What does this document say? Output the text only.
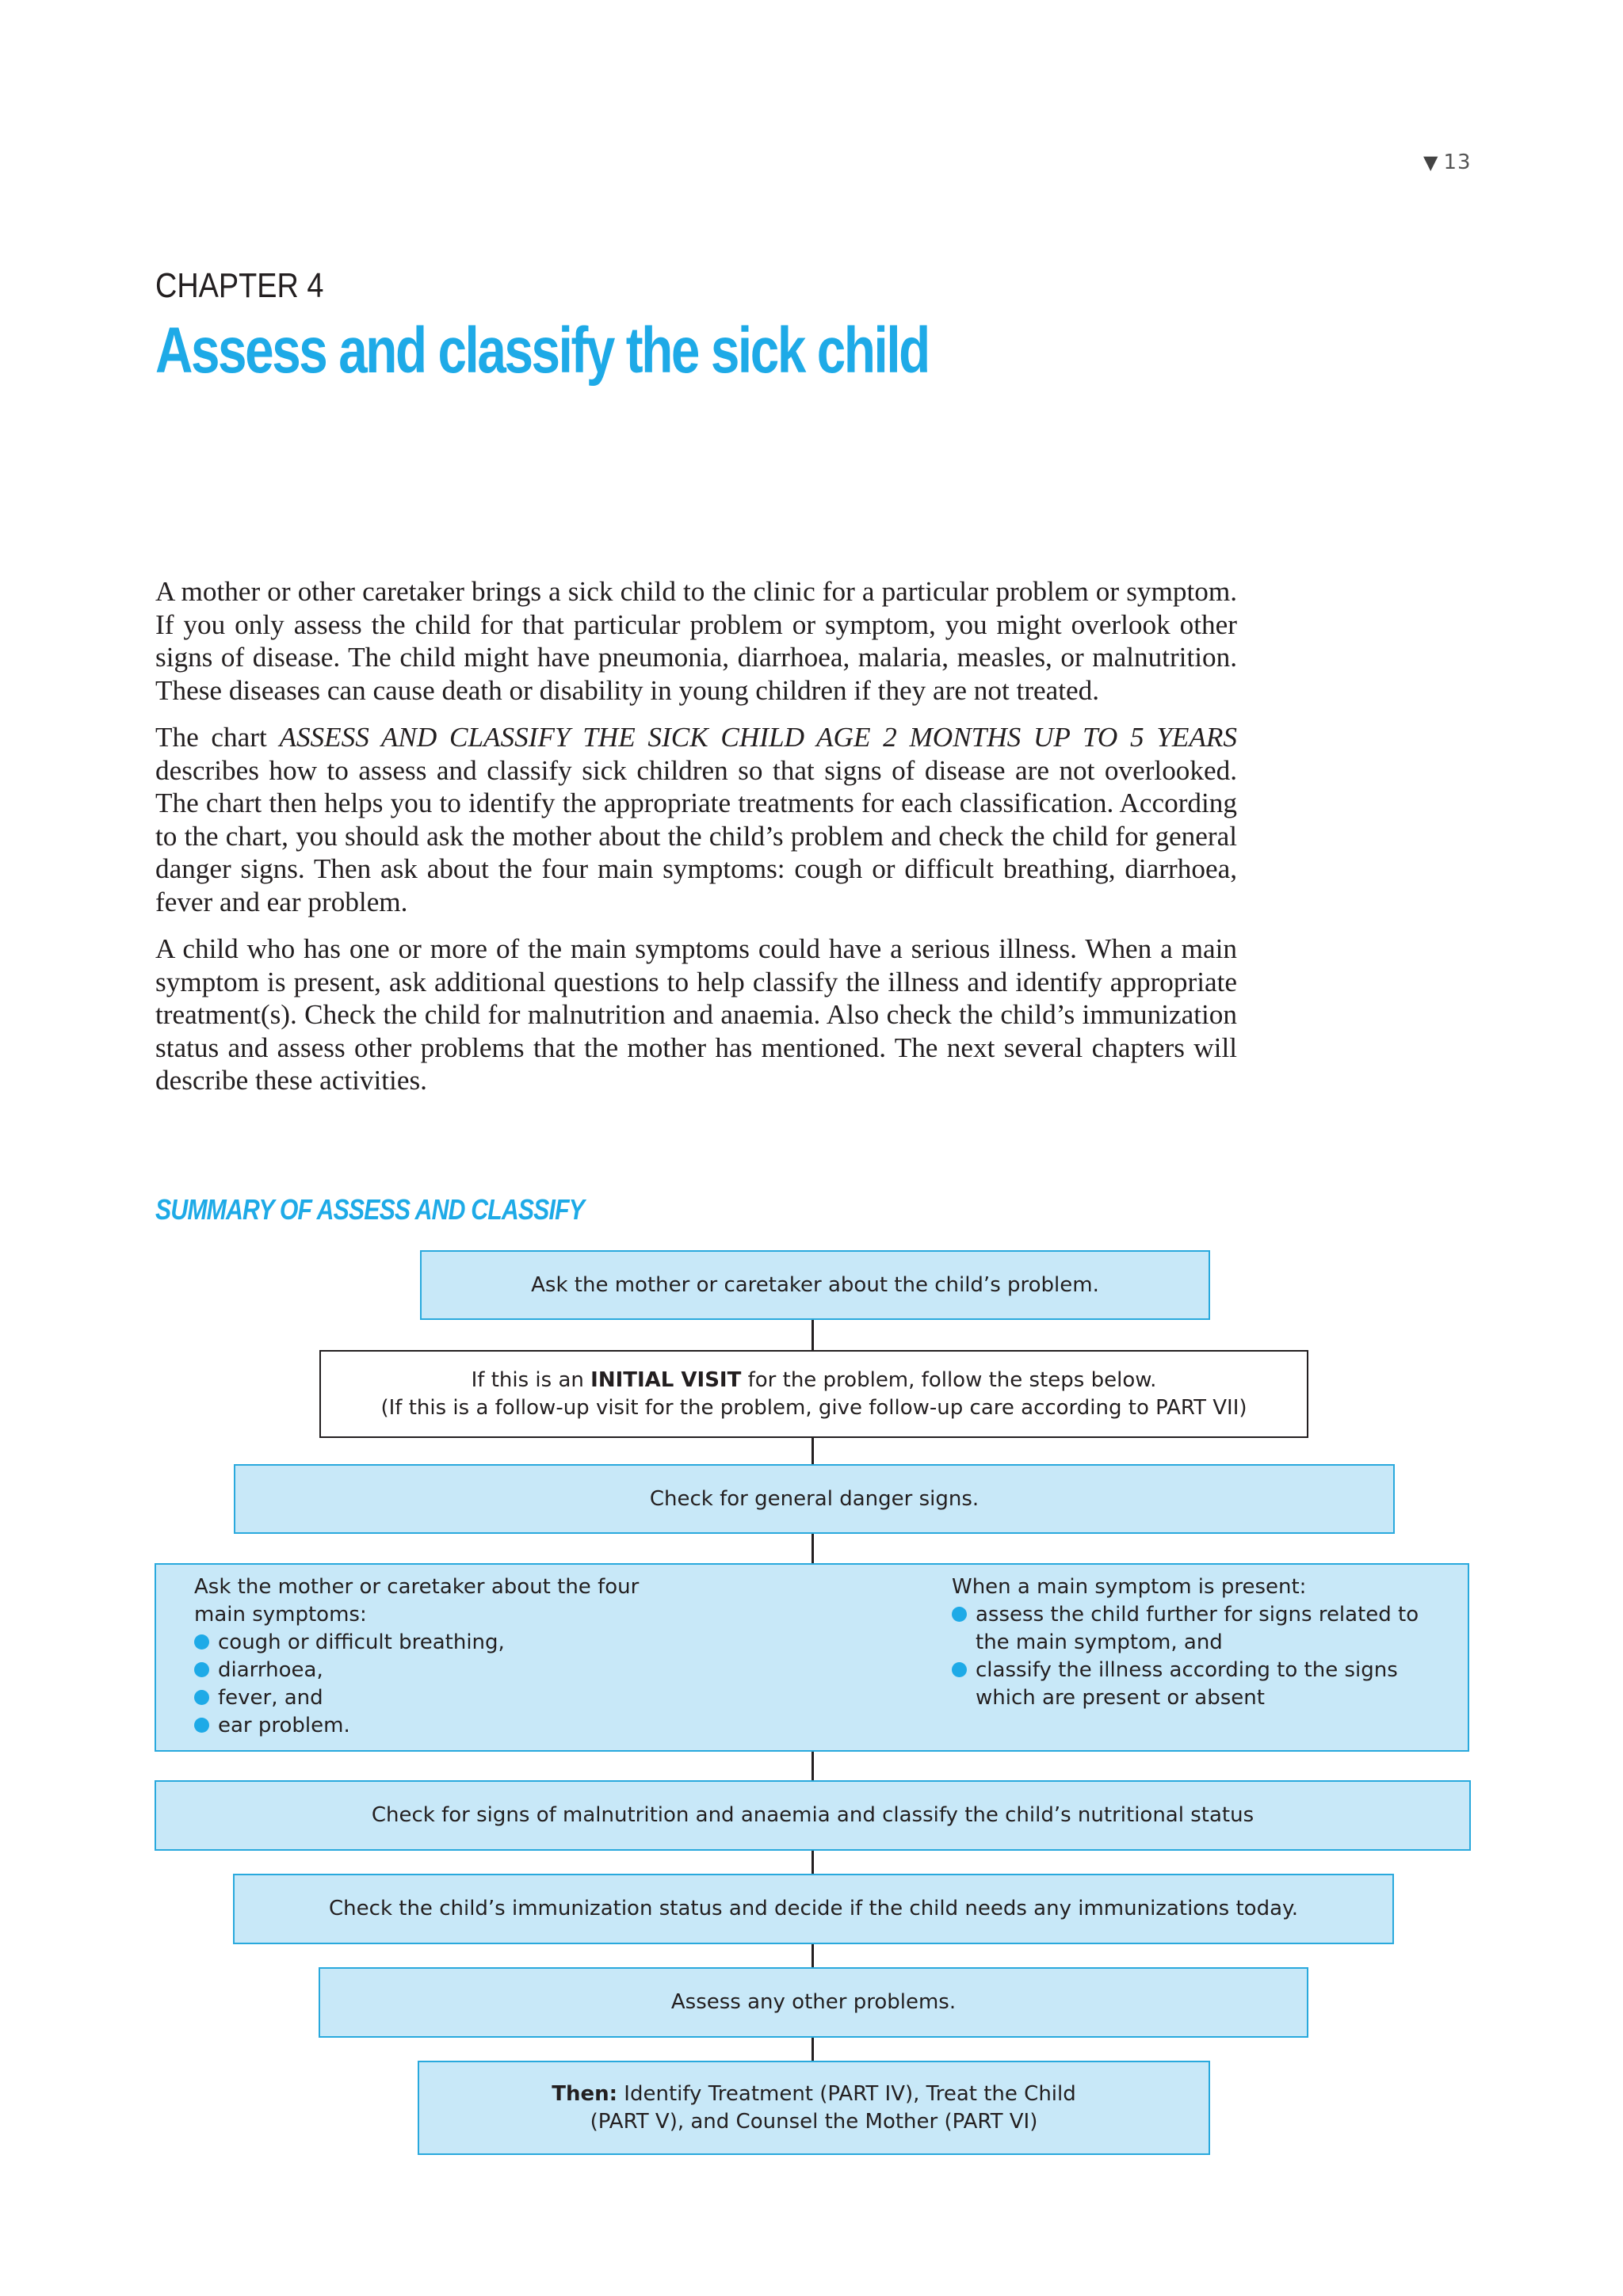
▼ 13
CHAPTER 4
Assess and classify the sick child

A mother or other caretaker brings a sick child to the clinic for a particular problem or symptom. If you only assess the child for that particular problem or symptom, you might overlook other signs of disease. The child might have pneumonia, diarrhoea, malaria, measles, or malnutrition. These diseases can cause death or disability in young children if they are not treated.

The chart ASSESS AND CLASSIFY THE SICK CHILD AGE 2 MONTHS UP TO 5 YEARS describes how to assess and classify sick children so that signs of disease are not overlooked. The chart then helps you to identify the appropriate treatments for each classification. According to the chart, you should ask the mother about the child’s problem and check the child for general danger signs. Then ask about the four main symptoms: cough or difficult breathing, diarrhoea, fever and ear problem.

A child who has one or more of the main symptoms could have a serious illness. When a main symptom is present, ask additional questions to help classify the illness and identify appropriate treatment(s). Check the child for malnutrition and anaemia. Also check the child’s immunization status and assess other problems that the mother has mentioned. The next several chapters will describe these activities.

SUMMARY OF ASSESS AND CLASSIFY
Ask the mother or caretaker about the child’s problem.
If this is an INITIAL VISIT for the problem, follow the steps below.
(If this is a follow-up visit for the problem, give follow-up care according to PART VII)
Check for general danger signs.
Ask the mother or caretaker about the four main symptoms:
cough or difficult breathing,
diarrhoea,
fever, and
ear problem.
When a main symptom is present:
assess the child further for signs related to the main symptom, and
classify the illness according to the signs which are present or absent
Check for signs of malnutrition and anaemia and classify the child’s nutritional status
Check the child’s immunization status and decide if the child needs any immunizations today.
Assess any other problems.
Then: Identify Treatment (PART IV), Treat the Child
(PART V), and Counsel the Mother (PART VI)
